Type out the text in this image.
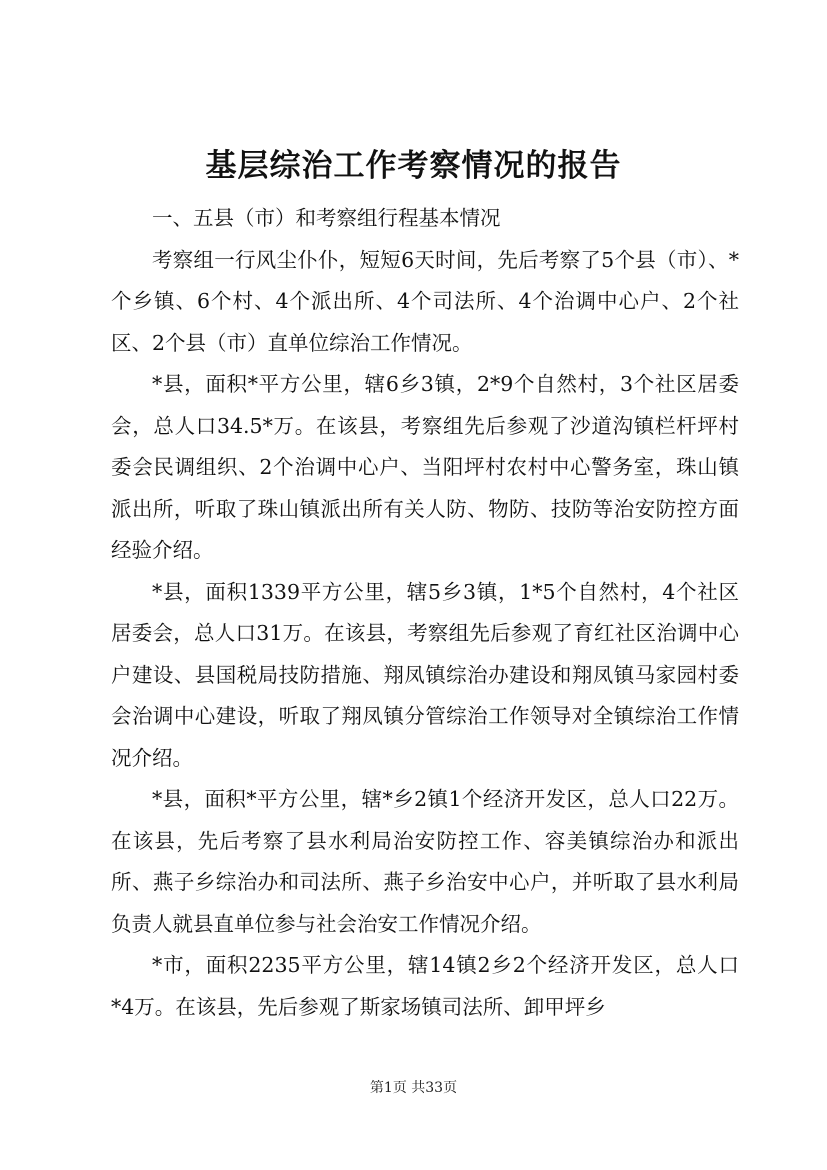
基层综治工作考察情况的报告

一、五县（市）和考察组行程基本情况

考察组一行风尘仆仆，短短6天时间，先后考察了5个县（市）、*个乡镇、6个村、4个派出所、4个司法所、4个治调中心户、2个社区、2个县（市）直单位综治工作情况。

*县，面积*平方公里，辖6乡3镇，2*9个自然村，3个社区居委会，总人口34.5*万。在该县，考察组先后参观了沙道沟镇栏杆坪村委会民调组织、2个治调中心户、当阳坪村农村中心警务室，珠山镇派出所，听取了珠山镇派出所有关人防、物防、技防等治安防控方面经验介绍。

*县，面积1339平方公里，辖5乡3镇，1*5个自然村，4个社区居委会，总人口31万。在该县，考察组先后参观了育红社区治调中心户建设、县国税局技防措施、翔凤镇综治办建设和翔凤镇马家园村委会治调中心建设，听取了翔凤镇分管综治工作领导对全镇综治工作情况介绍。

*县，面积*平方公里，辖*乡2镇1个经济开发区，总人口22万。在该县，先后考察了县水利局治安防控工作、容美镇综治办和派出所、燕子乡综治办和司法所、燕子乡治安中心户，并听取了县水利局负责人就县直单位参与社会治安工作情况介绍。

*市，面积2235平方公里，辖14镇2乡2个经济开发区，总人口*4万。在该县，先后参观了斯家场镇司法所、卸甲坪乡

第1页 共33页
